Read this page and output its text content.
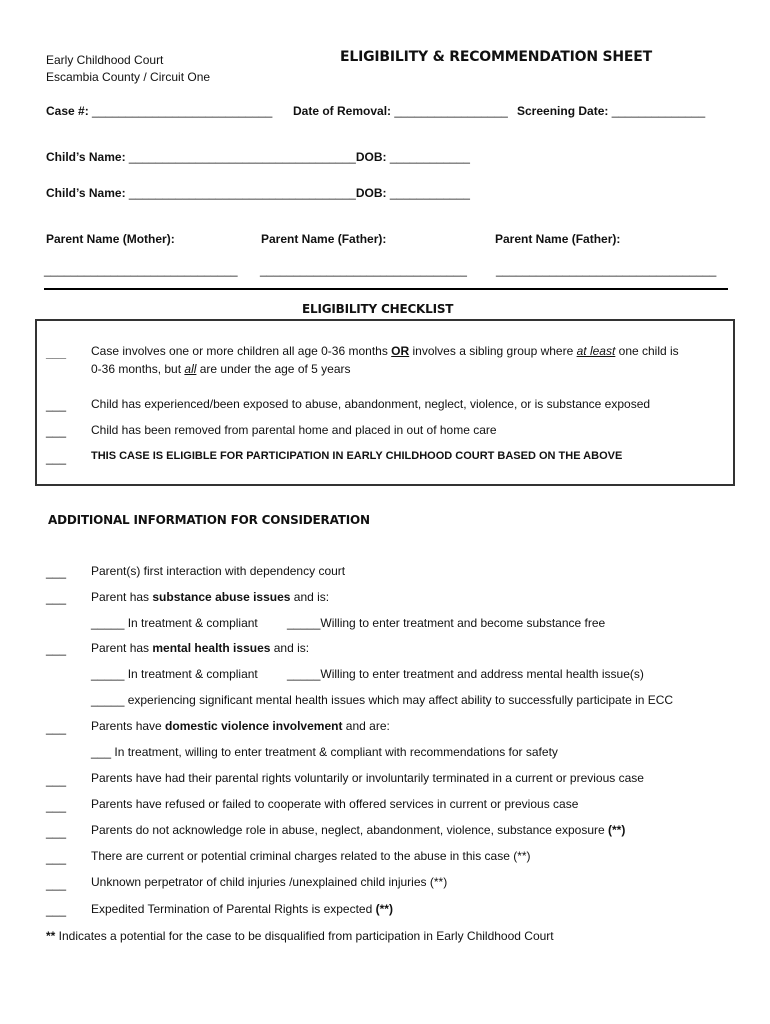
Early Childhood Court
Escambia County / Circuit One
ELIGIBILITY & RECOMMENDATION SHEET
Case #: ___________________________ Date of Removal: _________________ Screening Date: ______________
Child’s Name: __________________________________DOB: ____________
Child’s Name: __________________________________DOB: ____________
Parent Name (Mother):	Parent Name (Father):	Parent Name (Father):
_____________________________ _______________________________ _________________________________
ELIGIBILITY CHECKLIST
___ Case involves one or more children all age 0-36 months OR involves a sibling group where at least one child is
0-36 months, but all are under the age of 5 years
___ Child has experienced/been exposed to abuse, abandonment, neglect, violence, or is substance exposed
___ Child has been removed from parental home and placed in out of home care
___ THIS CASE IS ELIGIBLE FOR PARTICIPATION IN EARLY CHILDHOOD COURT BASED ON THE ABOVE
ADDITIONAL INFORMATION FOR CONSIDERATION
___ Parent(s) first interaction with dependency court
___ Parent has substance abuse issues and is:
_____ In treatment & compliant _____Willing to enter treatment and become substance free
___ Parent has mental health issues and is:
_____ In treatment & compliant _____Willing to enter treatment and address mental health issue(s)
_____ experiencing significant mental health issues which may affect ability to successfully participate in ECC
___ Parents have domestic violence involvement and are:
___ In treatment, willing to enter treatment & compliant with recommendations for safety
___ Parents have had their parental rights voluntarily or involuntarily terminated in a current or previous case
___ Parents have refused or failed to cooperate with offered services in current or previous case
___ Parents do not acknowledge role in abuse, neglect, abandonment, violence, substance exposure (**)
___ There are current or potential criminal charges related to the abuse in this case (**)
___ Unknown perpetrator of child injuries /unexplained child injuries (**)
___ Expedited Termination of Parental Rights is expected (**)
** Indicates a potential for the case to be disqualified from participation in Early Childhood Court
